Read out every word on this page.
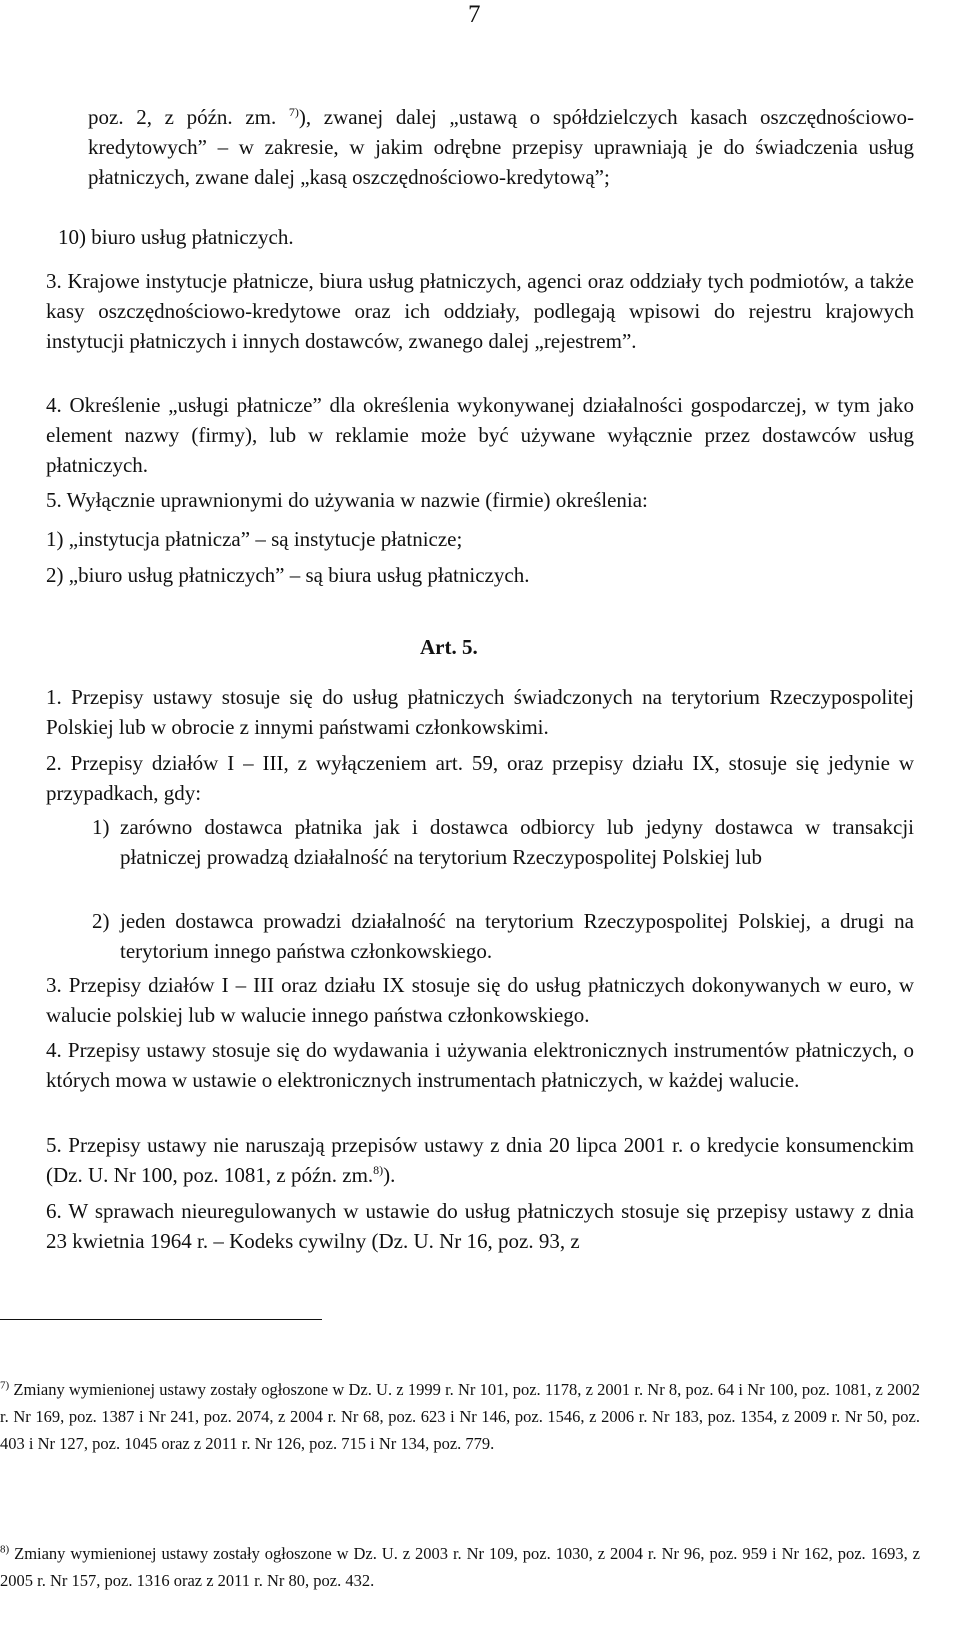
7

poz. 2, z późn. zm. $^{7)}$), zwanej dalej „ustawą o spółdzielczych kasach oszczędnościowo-kredytowych” – w zakresie, w jakim odrębne przepisy uprawniają je do świadczenia usług płatniczych, zwane dalej „kasą oszczędnościowo-kredytową”;

10) biuro usług płatniczych.

3. Krajowe instytucje płatnicze, biura usług płatniczych, agenci oraz oddziały tych podmiotów, a także kasy oszczędnościowo-kredytowe oraz ich oddziały, podlegają wpisowi do rejestru krajowych instytucji płatniczych i innych dostawców, zwanego dalej „rejestrem”.

4. Określenie „usługi płatnicze” dla określenia wykonywanej działalności gospodarczej, w tym jako element nazwy (firmy), lub w reklamie może być używane wyłącznie przez dostawców usług płatniczych.

5. Wyłącznie uprawnionymi do używania w nazwie (firmie) określenia:

1) „instytucja płatnicza” – są instytucje płatnicze;

2) „biuro usług płatniczych” – są biura usług płatniczych.

Art. 5.

1. Przepisy ustawy stosuje się do usług płatniczych świadczonych na terytorium Rzeczypospolitej Polskiej lub w obrocie z innymi państwami członkowskimi.

2. Przepisy działów I – III, z wyłączeniem art. 59, oraz przepisy działu IX, stosuje się jedynie w przypadkach, gdy:

1) zarówno dostawca płatnika jak i dostawca odbiorcy lub jedyny dostawca w transakcji płatniczej prowadzą działalność na terytorium Rzeczypospolitej Polskiej lub

2) jeden dostawca prowadzi działalność na terytorium Rzeczypospolitej Polskiej, a drugi na terytorium innego państwa członkowskiego.

3. Przepisy działów I – III oraz działu IX stosuje się do usług płatniczych dokonywanych w euro, w walucie polskiej lub w walucie innego państwa członkowskiego.

4. Przepisy ustawy stosuje się do wydawania i używania elektronicznych instrumentów płatniczych, o których mowa w ustawie o elektronicznych instrumentach płatniczych, w każdej walucie.

5. Przepisy ustawy nie naruszają przepisów ustawy z dnia 20 lipca 2001 r. o kredycie konsumenckim (Dz. U. Nr 100, poz. 1081, z późn. zm.$^{8)}$).

6. W sprawach nieuregulowanych w ustawie do usług płatniczych stosuje się przepisy ustawy z dnia 23 kwietnia 1964 r. – Kodeks cywilny (Dz. U. Nr 16, poz. 93, z

$^{7)}$ Zmiany wymienionej ustawy zostały ogłoszone w Dz. U. z 1999 r. Nr 101, poz. 1178, z 2001 r. Nr 8, poz. 64 i Nr 100, poz. 1081, z 2002 r. Nr 169, poz. 1387 i Nr 241, poz. 2074, z 2004 r. Nr 68, poz. 623 i Nr 146, poz. 1546, z 2006 r. Nr 183, poz. 1354, z 2009 r. Nr 50, poz. 403 i Nr 127, poz. 1045 oraz z 2011 r. Nr 126, poz. 715 i Nr 134, poz. 779.

$^{8)}$ Zmiany wymienionej ustawy zostały ogłoszone w Dz. U. z 2003 r. Nr 109, poz. 1030, z 2004 r. Nr 96, poz. 959 i Nr 162, poz. 1693, z 2005 r. Nr 157, poz. 1316 oraz z 2011 r. Nr 80, poz. 432.
